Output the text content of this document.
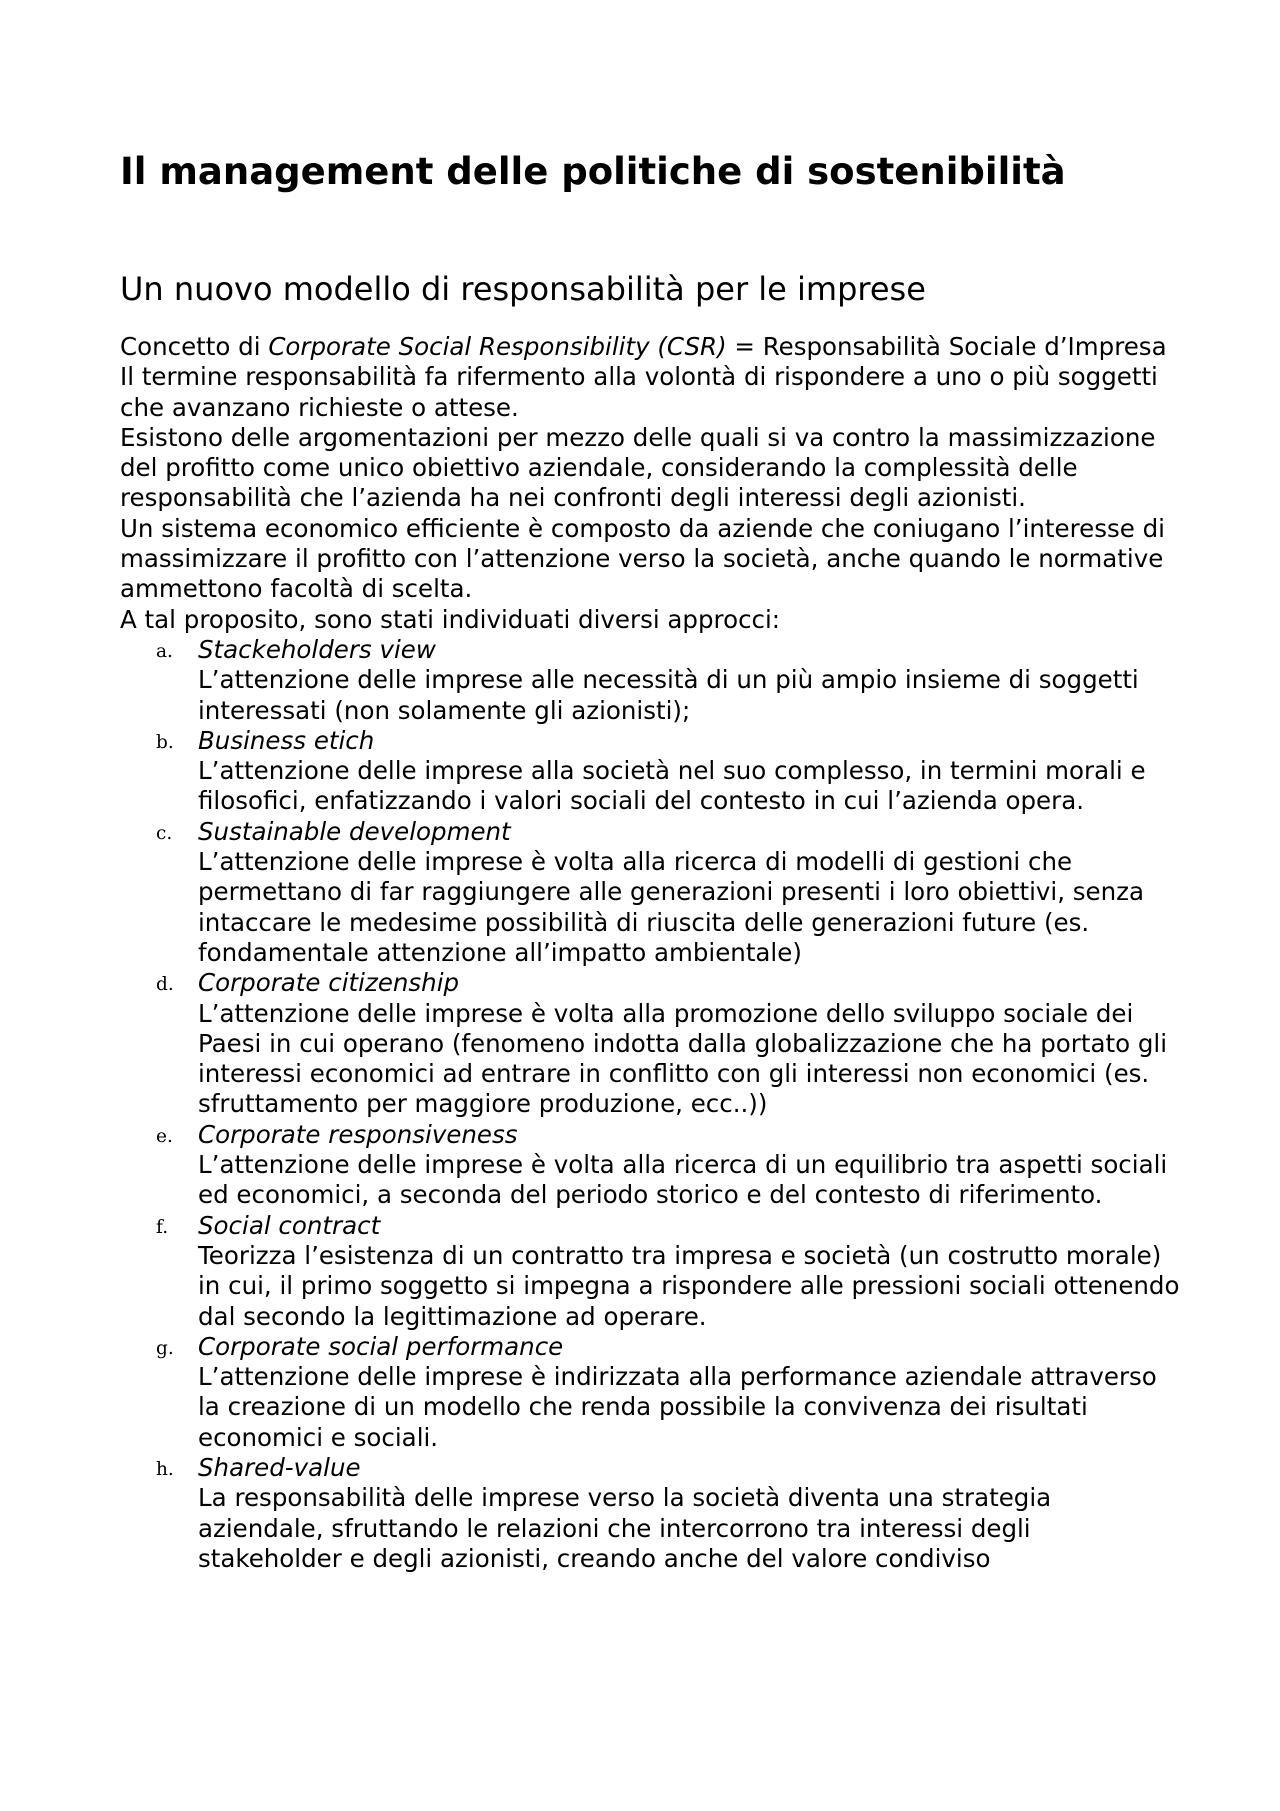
Il management delle politiche di sostenibilità
Un nuovo modello di responsabilità per le imprese

Concetto di Corporate Social Responsibility (CSR) = Responsabilità Sociale d’Impresa

Il termine responsabilità fa rifermento alla volontà di rispondere a uno o più soggetti che avanzano richieste o attese.

Esistono delle argomentazioni per mezzo delle quali si va contro la massimizzazione del profitto come unico obiettivo aziendale, considerando la complessità delle responsabilità che l’azienda ha nei confronti degli interessi degli azionisti.

Un sistema economico efficiente è composto da aziende che coniugano l’interesse di massimizzare il profitto con l’attenzione verso la società, anche quando le normative ammettono facoltà di scelta.

A tal proposito, sono stati individuati diversi approcci:

a. Stackeholders view
L’attenzione delle imprese alle necessità di un più ampio insieme di soggetti interessati (non solamente gli azionisti);
b. Business etich
L’attenzione delle imprese alla società nel suo complesso, in termini morali e filosofici, enfatizzando i valori sociali del contesto in cui l’azienda opera.
c. Sustainable development
L’attenzione delle imprese è volta alla ricerca di modelli di gestioni che permettano di far raggiungere alle generazioni presenti i loro obiettivi, senza intaccare le medesime possibilità di riuscita delle generazioni future (es. fondamentale attenzione all’impatto ambientale)
d. Corporate citizenship
L’attenzione delle imprese è volta alla promozione dello sviluppo sociale dei Paesi in cui operano (fenomeno indotta dalla globalizzazione che ha portato gli interessi economici ad entrare in conflitto con gli interessi non economici (es. sfruttamento per maggiore produzione, ecc..))
e. Corporate responsiveness
L’attenzione delle imprese è volta alla ricerca di un equilibrio tra aspetti sociali ed economici, a seconda del periodo storico e del contesto di riferimento.
f. Social contract
Teorizza l’esistenza di un contratto tra impresa e società (un costrutto morale) in cui, il primo soggetto si impegna a rispondere alle pressioni sociali ottenendo dal secondo la legittimazione ad operare.
g. Corporate social performance
L’attenzione delle imprese è indirizzata alla performance aziendale attraverso la creazione di un modello che renda possibile la convivenza dei risultati economici e sociali.
h. Shared-value
La responsabilità delle imprese verso la società diventa una strategia aziendale, sfruttando le relazioni che intercorrono tra interessi degli stakeholder e degli azionisti, creando anche del valore condiviso
